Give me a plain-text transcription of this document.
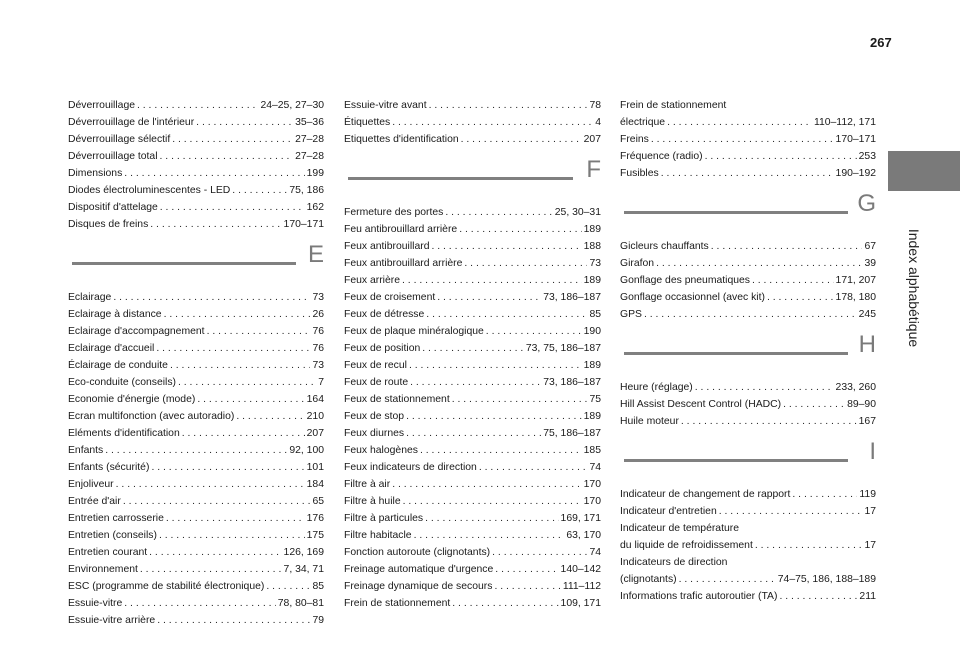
267
Index alphabétique
Déverrouillage . . .	24–25, 27–30
Déverrouillage de l'intérieur . . .	35–36
Déverrouillage sélectif . . .	27–28
Déverrouillage total . . .	27–28
Dimensions . . .	199
Diodes électroluminescentes - LED . . .	75, 186
Dispositif d'attelage . . .	162
Disques de freins . . .	170–171
E
Eclairage . . .	73
Eclairage à distance . . .	26
Eclairage d'accompagnement . . .	76
Eclairage d'accueil . . .	76
Éclairage de conduite . . .	73
Eco-conduite (conseils) . . .	7
Economie d'énergie (mode) . . .	164
Ecran multifonction (avec autoradio) . . .	210
Eléments d'identification . . .	207
Enfants . . .	92, 100
Enfants (sécurité) . . .	101
Enjoliveur . . .	184
Entrée d'air . . .	65
Entretien carrosserie . . .	176
Entretien (conseils) . . .	175
Entretien courant . . .	126, 169
Environnement . . .	7, 34, 71
ESC (programme de stabilité électronique) . . .	85
Essuie-vitre . . .	78, 80–81
Essuie-vitre arrière . . .	79
Essuie-vitre avant . . .	78
Étiquettes . . .	4
Etiquettes d'identification . . .	207
F
Fermeture des portes . . .	25, 30–31
Feu antibrouillard arrière . . .	189
Feux antibrouillard . . .	188
Feux antibrouillard arrière . . .	73
Feux arrière . . .	189
Feux de croisement . . .	73, 186–187
Feux de détresse . . .	85
Feux de plaque minéralogique . . .	190
Feux de position . . .	73, 75, 186–187
Feux de recul . . .	189
Feux de route . . .	73, 186–187
Feux de stationnement . . .	75
Feux de stop . . .	189
Feux diurnes . . .	75, 186–187
Feux halogènes . . .	185
Feux indicateurs de direction . . .	74
Filtre à air . . .	170
Filtre à huile . . .	170
Filtre à particules . . .	169, 171
Filtre habitacle . . .	63, 170
Fonction autoroute (clignotants) . . .	74
Freinage automatique d'urgence . . .	140–142
Freinage dynamique de secours . . .	111–112
Frein de stationnement . . .	109, 171
Frein de stationnement
électrique . . .	110–112, 171
Freins . . .	170–171
Fréquence (radio) . . .	253
Fusibles . . .	190–192
G
Gicleurs chauffants . . .	67
Girafon . . .	39
Gonflage des pneumatiques . . .	171, 207
Gonflage occasionnel (avec kit) . . .	178, 180
GPS . . .	245
H
Heure (réglage) . . .	233, 260
Hill Assist Descent Control (HADC) . . .	89–90
Huile moteur . . .	167
I
Indicateur de changement de rapport . . .	119
Indicateur d'entretien . . .	17
Indicateur de température
du liquide de refroidissement . . .	17
Indicateurs de direction
(clignotants) . . .	74–75, 186, 188–189
Informations trafic autoroutier (TA) . . .	211
